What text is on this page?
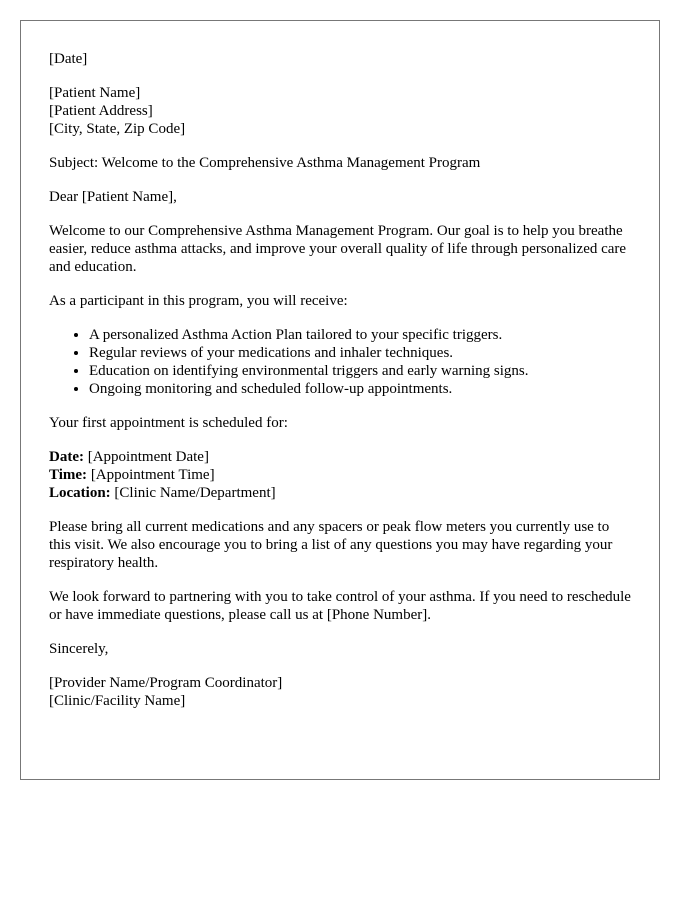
[Date]
[Patient Name]
[Patient Address]
[City, State, Zip Code]
Subject: Welcome to the Comprehensive Asthma Management Program
Dear [Patient Name],
Welcome to our Comprehensive Asthma Management Program. Our goal is to help you breathe easier, reduce asthma attacks, and improve your overall quality of life through personalized care and education.
As a participant in this program, you will receive:
• A personalized Asthma Action Plan tailored to your specific triggers.
• Regular reviews of your medications and inhaler techniques.
• Education on identifying environmental triggers and early warning signs.
• Ongoing monitoring and scheduled follow-up appointments.
Your first appointment is scheduled for:
Date: [Appointment Date]
Time: [Appointment Time]
Location: [Clinic Name/Department]
Please bring all current medications and any spacers or peak flow meters you currently use to this visit. We also encourage you to bring a list of any questions you may have regarding your respiratory health.
We look forward to partnering with you to take control of your asthma. If you need to reschedule or have immediate questions, please call us at [Phone Number].
Sincerely,
[Provider Name/Program Coordinator]
[Clinic/Facility Name]
